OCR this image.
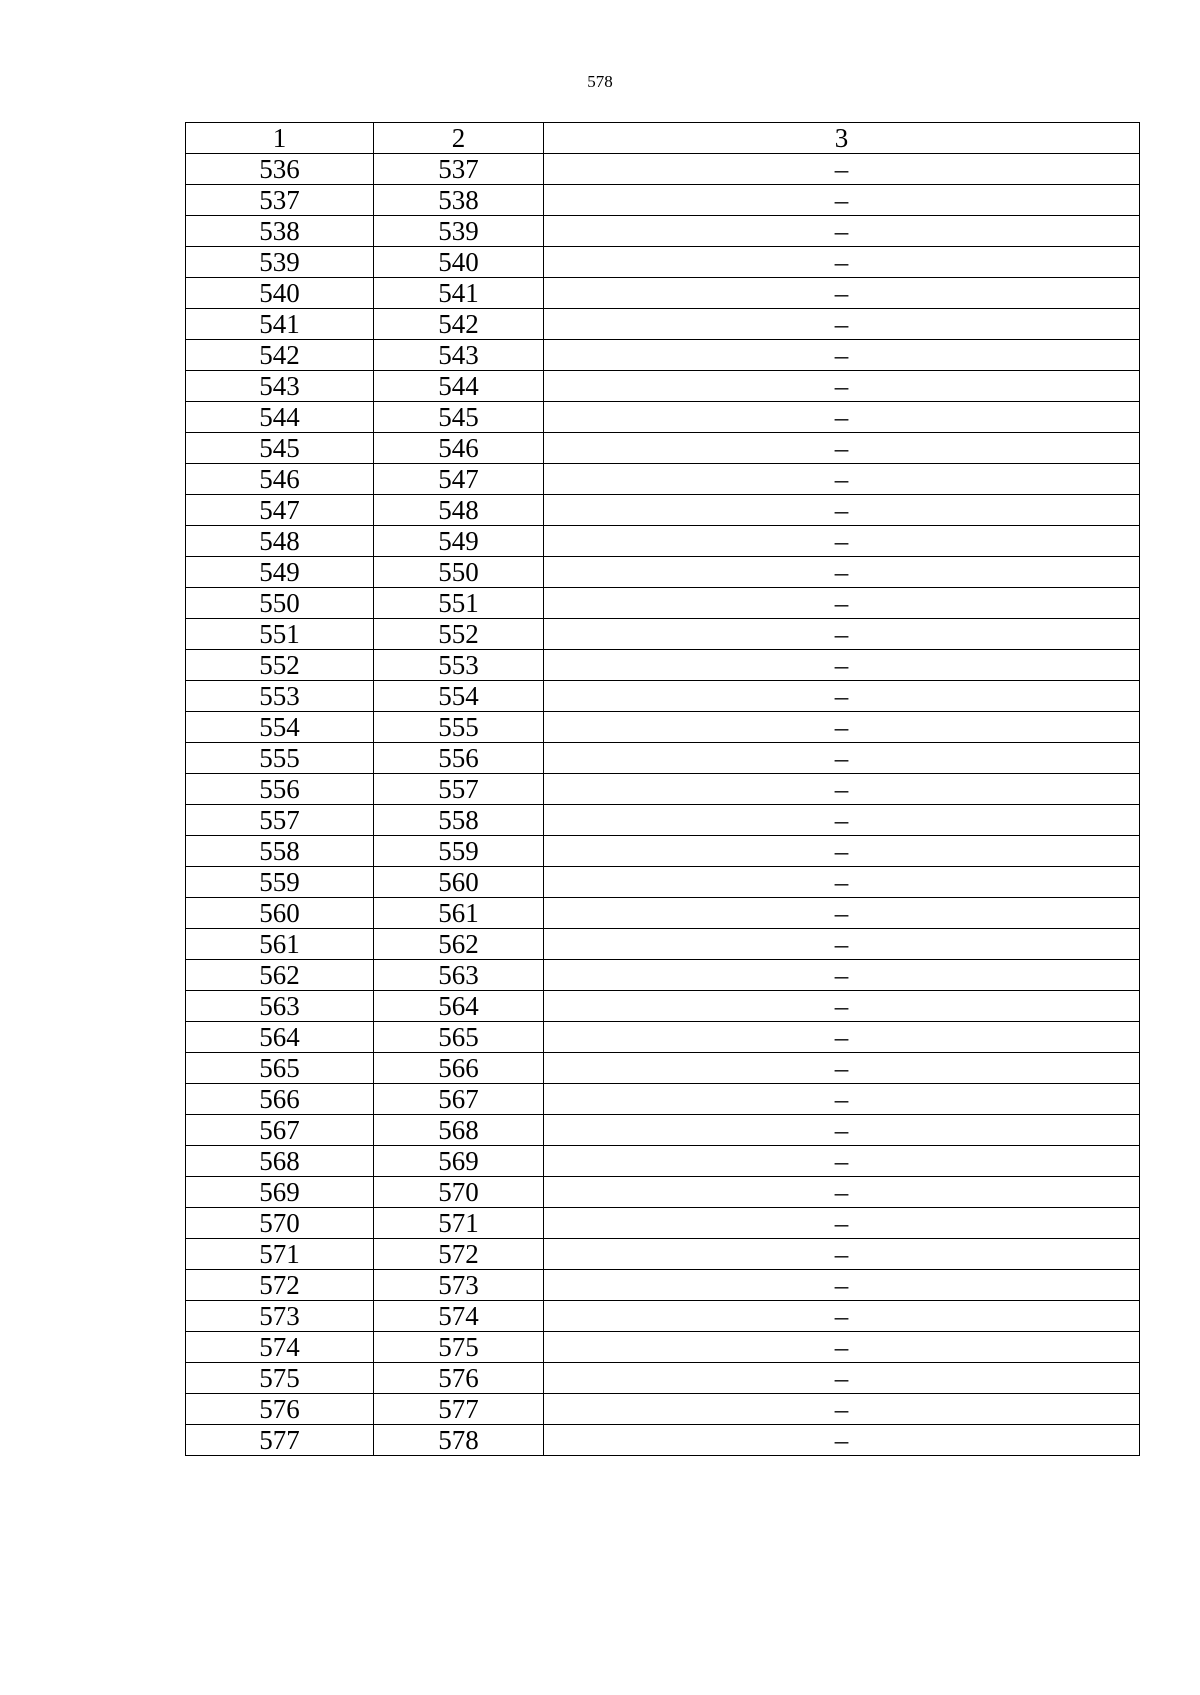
578
1	2	3
536	537	–
537	538	–
538	539	–
539	540	–
540	541	–
541	542	–
542	543	–
543	544	–
544	545	–
545	546	–
546	547	–
547	548	–
548	549	–
549	550	–
550	551	–
551	552	–
552	553	–
553	554	–
554	555	–
555	556	–
556	557	–
557	558	–
558	559	–
559	560	–
560	561	–
561	562	–
562	563	–
563	564	–
564	565	–
565	566	–
566	567	–
567	568	–
568	569	–
569	570	–
570	571	–
571	572	–
572	573	–
573	574	–
574	575	–
575	576	–
576	577	–
577	578	–
